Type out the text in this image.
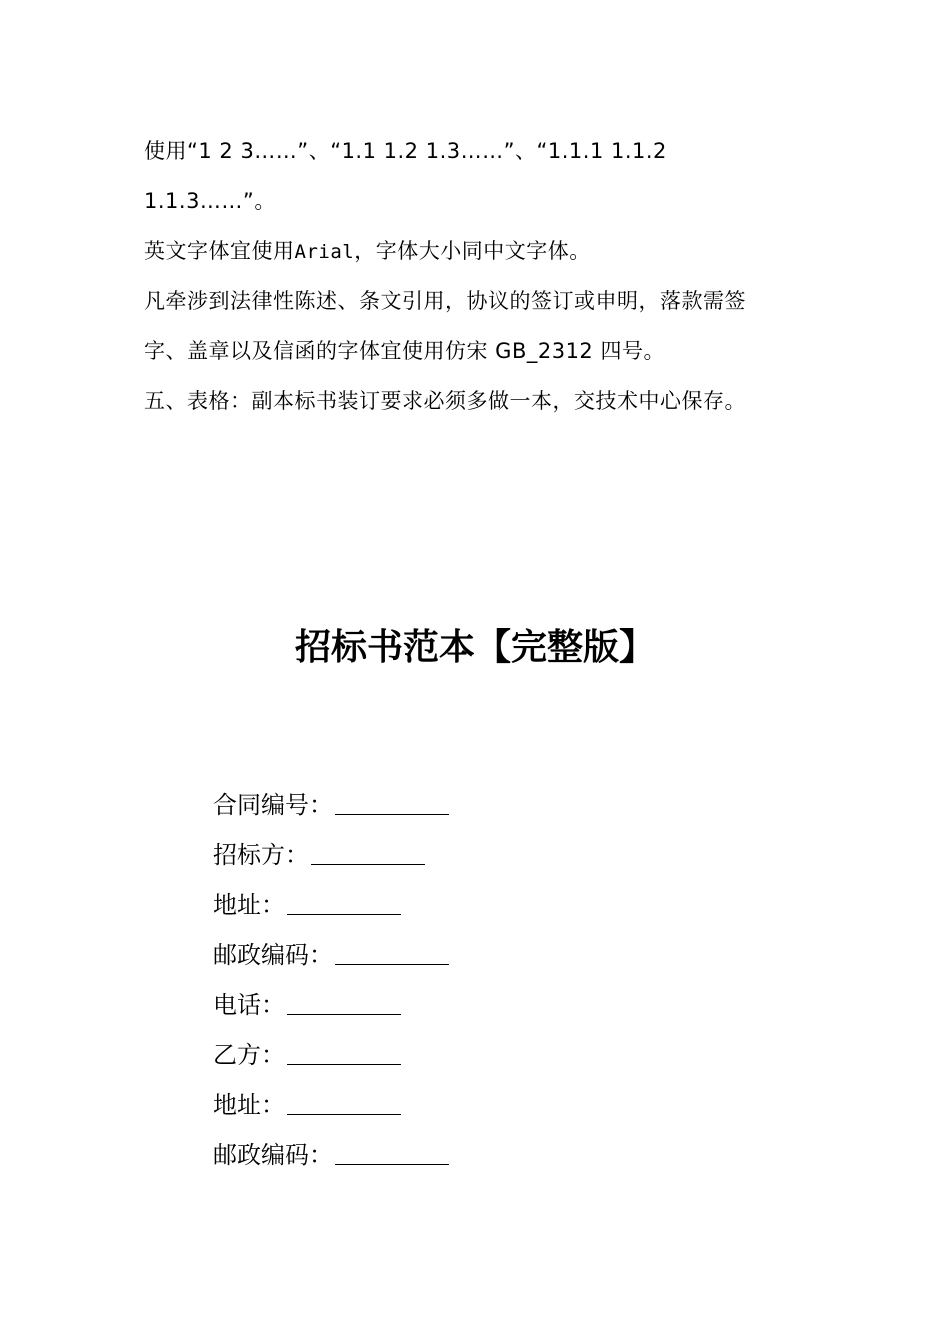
使用“1 2 3……”、“1.1 1.2 1.3……”、“1.1.1 1.1.2
1.1.3……”。
英文字体宜使用Arial，字体大小同中文字体。
凡牵涉到法律性陈述、条文引用，协议的签订或申明，落款需签
字、盖章以及信函的字体宜使用仿宋 GB_2312 四号。
五、表格：副本标书装订要求必须多做一本，交技术中心保存。
招标书范本【完整版】
合同编号：
招标方：
地址：
邮政编码：
电话：
乙方：
地址：
邮政编码：
